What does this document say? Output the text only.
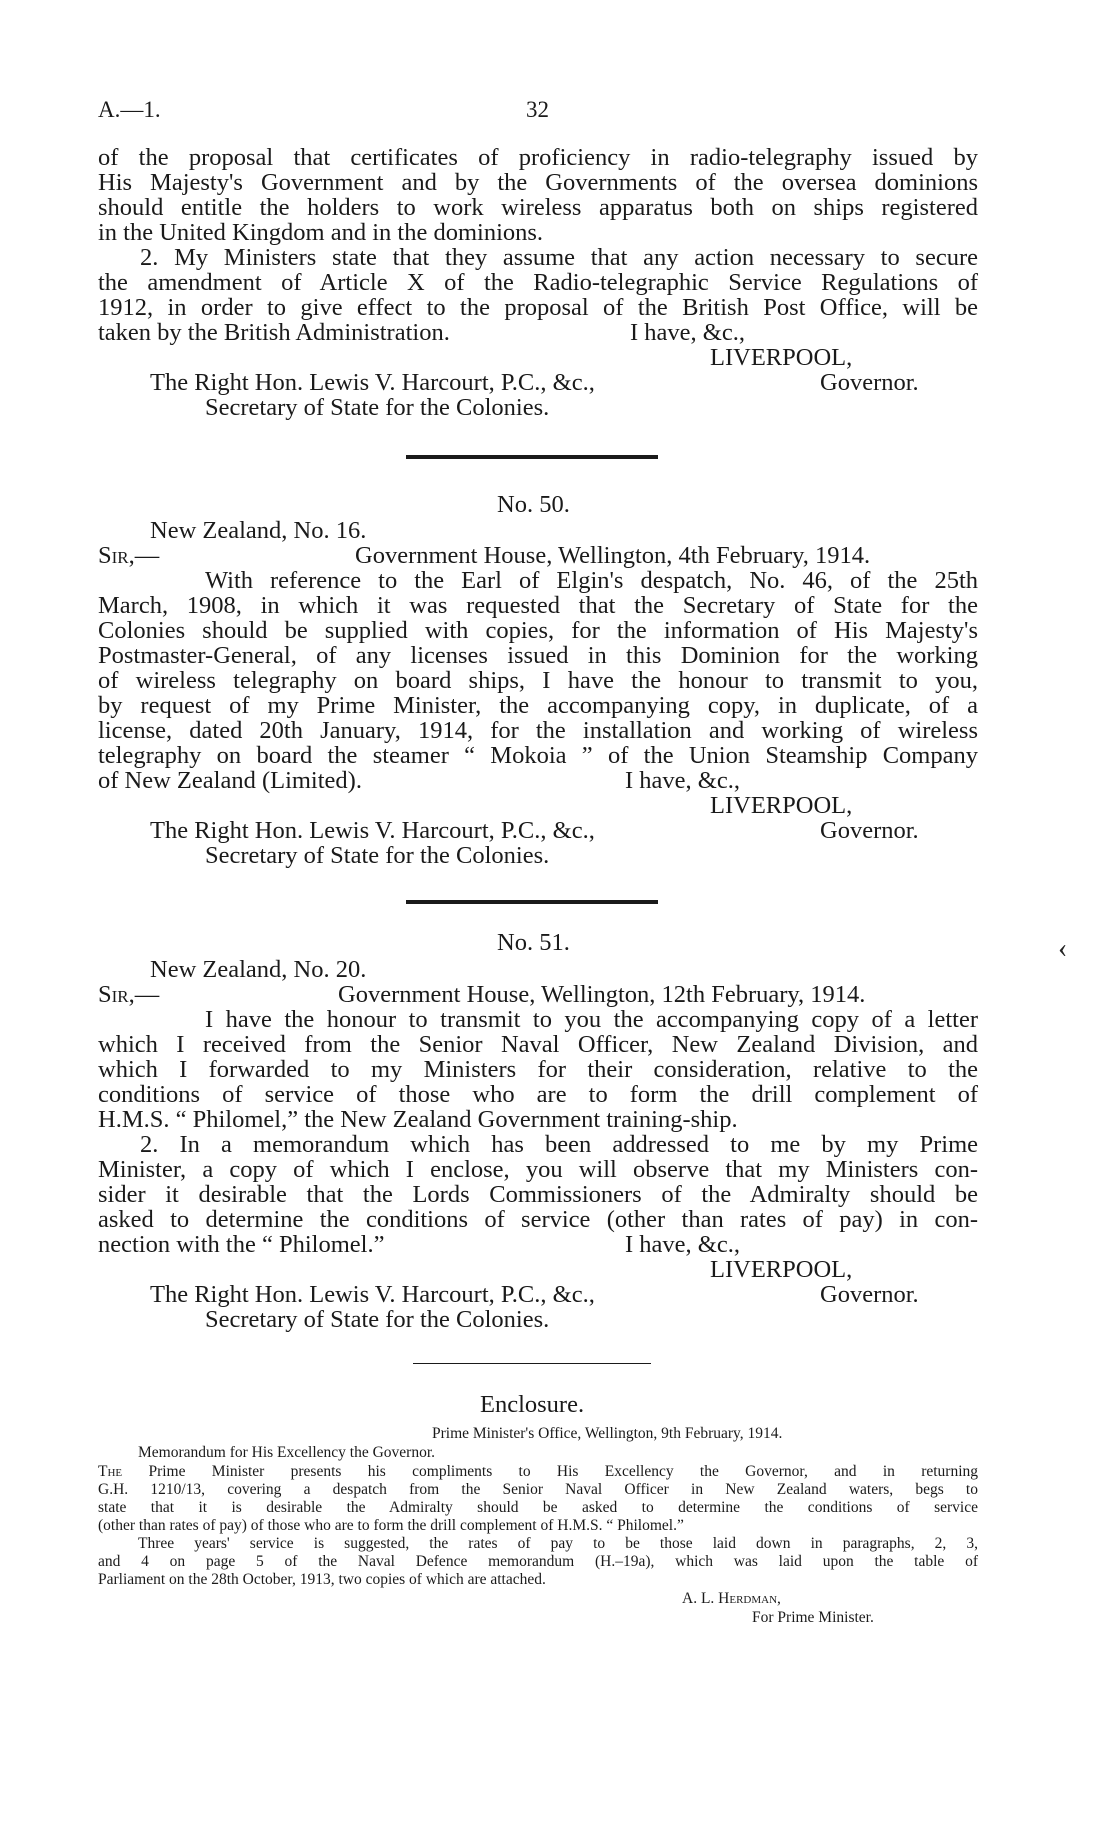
A.—1.	32
of the proposal that certificates of proficiency in radio-telegraphy issued by
His Majesty's Government and by the Governments of the oversea dominions
should entitle the holders to work wireless apparatus both on ships registered
in the United Kingdom and in the dominions.
2. My Ministers state that they assume that any action necessary to secure
the amendment of Article X of the Radio-telegraphic Service Regulations of
1912, in order to give effect to the proposal of the British Post Office, will be
taken by the British Administration.	I have, &c.,
LIVERPOOL,
The Right Hon. Lewis V. Harcourt, P.C., &c.,	Governor.
Secretary of State for the Colonies.
No. 50.
New Zealand, No. 16.
Sir,—	Government House, Wellington, 4th February, 1914.
With reference to the Earl of Elgin's despatch, No. 46, of the 25th
March, 1908, in which it was requested that the Secretary of State for the
Colonies should be supplied with copies, for the information of His Majesty's
Postmaster-General, of any licenses issued in this Dominion for the working
of wireless telegraphy on board ships, I have the honour to transmit to you,
by request of my Prime Minister, the accompanying copy, in duplicate, of a
license, dated 20th January, 1914, for the installation and working of wireless
telegraphy on board the steamer “ Mokoia ” of the Union Steamship Company
of New Zealand (Limited).	I have, &c.,
LIVERPOOL,
The Right Hon. Lewis V. Harcourt, P.C., &c.,	Governor.
Secretary of State for the Colonies.
No. 51.
New Zealand, No. 20.
Sir,—	Government House, Wellington, 12th February, 1914.
I have the honour to transmit to you the accompanying copy of a letter
which I received from the Senior Naval Officer, New Zealand Division, and
which I forwarded to my Ministers for their consideration, relative to the
conditions of service of those who are to form the drill complement of
H.M.S. “ Philomel,” the New Zealand Government training-ship.
2. In a memorandum which has been addressed to me by my Prime
Minister, a copy of which I enclose, you will observe that my Ministers con-
sider it desirable that the Lords Commissioners of the Admiralty should be
asked to determine the conditions of service (other than rates of pay) in con-
nection with the “ Philomel.”	I have, &c.,
LIVERPOOL,
The Right Hon. Lewis V. Harcourt, P.C., &c.,	Governor.
Secretary of State for the Colonies.
Enclosure.
Prime Minister's Office, Wellington, 9th February, 1914.
Memorandum for His Excellency the Governor.
The Prime Minister presents his compliments to His Excellency the Governor, and in returning
G.H. 1210/13, covering a despatch from the Senior Naval Officer in New Zealand waters, begs to
state that it is desirable the Admiralty should be asked to determine the conditions of service
(other than rates of pay) of those who are to form the drill complement of H.M.S. “ Philomel.”
Three years' service is suggested, the rates of pay to be those laid down in paragraphs, 2, 3,
and 4 on page 5 of the Naval Defence memorandum (H.–19a), which was laid upon the table of
Parliament on the 28th October, 1913, two copies of which are attached.
A. L. Herdman,
For Prime Minister.
‹
